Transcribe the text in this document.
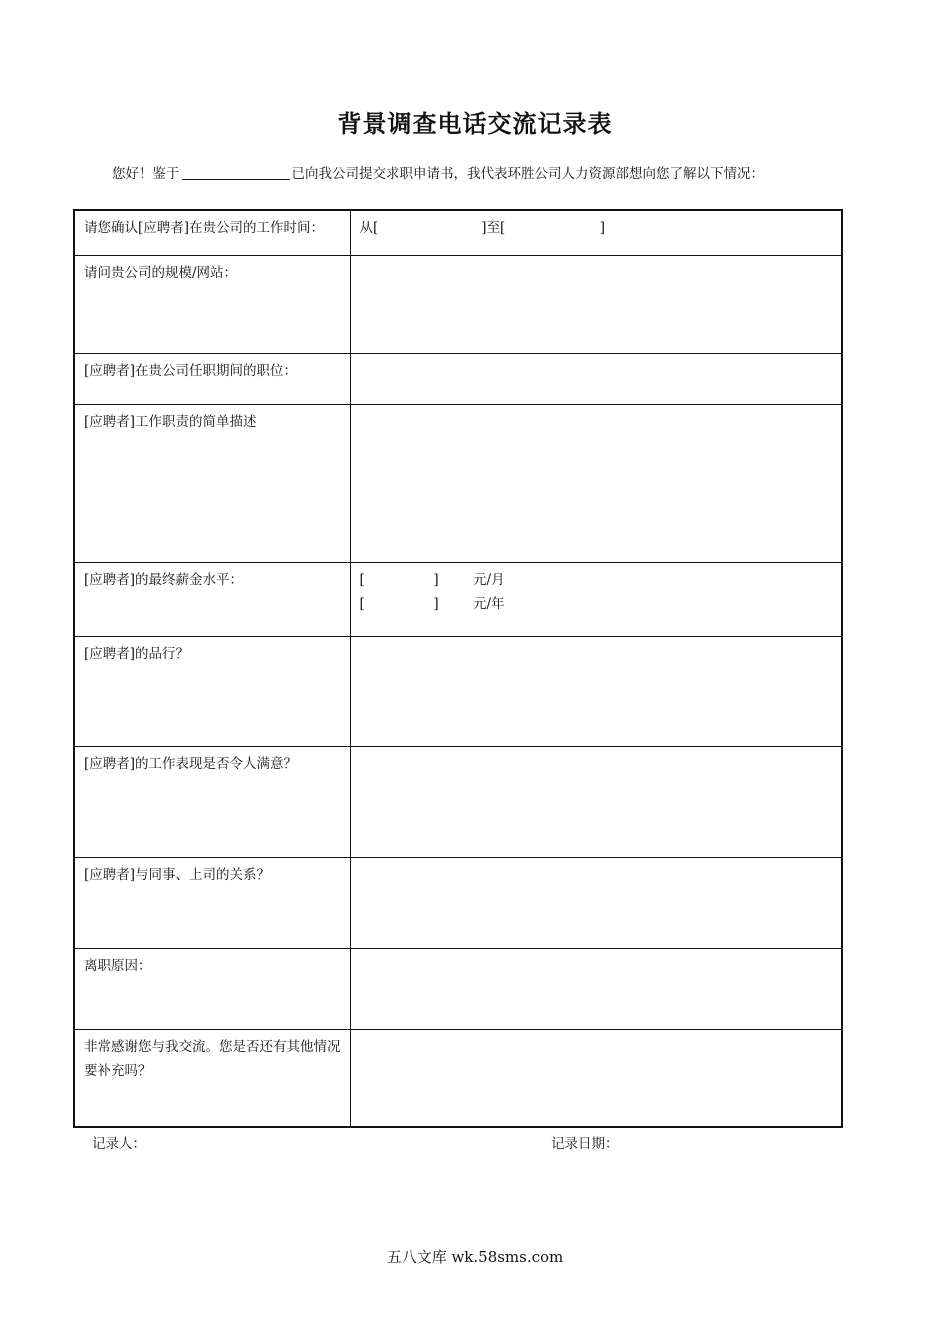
背景调查电话交流记录表
您好！鉴于	已向我公司提交求职申请书，我代表环胜公司人力资源部想向您了解以下情况：
请您确认[应聘者]在贵公司的工作时间：	从[                        ]至[                      ]
请问贵公司的规模/网站：	
[应聘者]在贵公司任职期间的职位：	
[应聘者]工作职责的简单描述	
[应聘者]的最终薪金水平：	[                ]        元/月
[                ]        元/年

[应聘者]的品行？	
[应聘者]的工作表现是否令人满意？	
[应聘者]与同事、上司的关系？	
离职原因：	
非常感谢您与我交流。您是否还有其他情况要补充吗？	
记录人：	记录日期：
五八文库 wk.58sms.com
